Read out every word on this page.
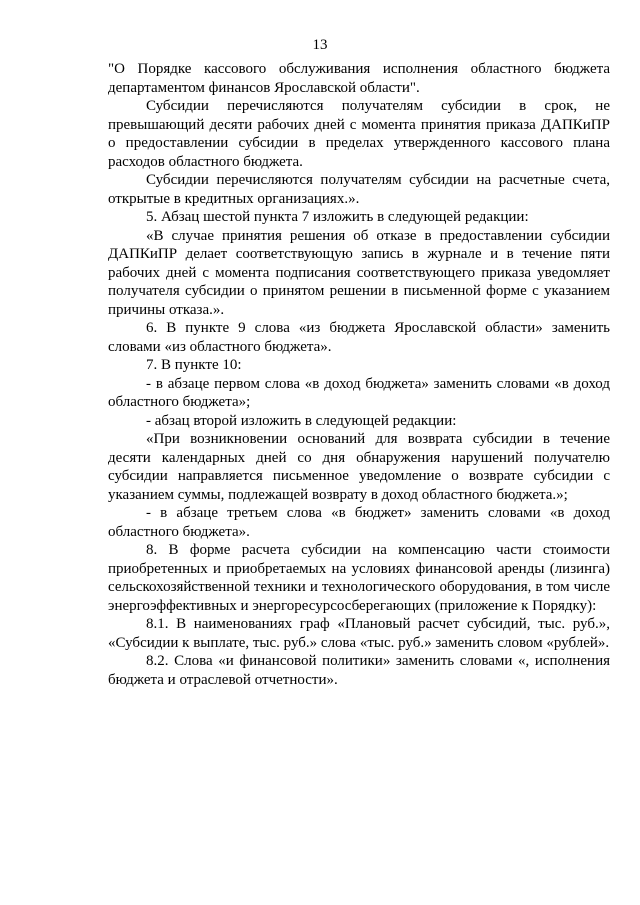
13

"О Порядке кассового обслуживания исполнения областного бюджета департаментом финансов Ярославской области".

Субсидии перечисляются получателям субсидии в срок, не превышающий десяти рабочих дней с момента принятия приказа ДАПКиПР о предоставлении субсидии в пределах утвержденного кассового плана расходов областного бюджета.

Субсидии перечисляются получателям субсидии на расчетные счета, открытые в кредитных организациях.».

5. Абзац шестой пункта 7 изложить в следующей редакции:

«В случае принятия решения об отказе в предоставлении субсидии ДАПКиПР делает соответствующую запись в журнале и в течение пяти рабочих дней с момента подписания соответствующего приказа уведомляет получателя субсидии о принятом решении в письменной форме с указанием причины отказа.».

6. В пункте 9 слова «из бюджета Ярославской области» заменить словами «из областного бюджета».

7. В пункте 10:

- в абзаце первом слова «в доход бюджета» заменить словами «в доход областного бюджета»;

- абзац второй изложить в следующей редакции:

«При возникновении оснований для возврата субсидии в течение десяти календарных дней со дня обнаружения нарушений получателю субсидии направляется письменное уведомление о возврате субсидии с указанием суммы, подлежащей возврату в доход областного бюджета.»;

- в абзаце третьем слова «в бюджет» заменить словами «в доход областного бюджета».

8. В форме расчета субсидии на компенсацию части стоимости приобретенных и приобретаемых на условиях финансовой аренды (лизинга) сельскохозяйственной техники и технологического оборудования, в том числе энергоэффективных и энергоресурсосберегающих (приложение к Порядку):

8.1. В наименованиях граф «Плановый расчет субсидий, тыс. руб.», «Субсидии к выплате, тыс. руб.» слова «тыс. руб.» заменить словом «рублей».

8.2. Слова «и финансовой политики» заменить словами «, исполнения бюджета и отраслевой отчетности».
